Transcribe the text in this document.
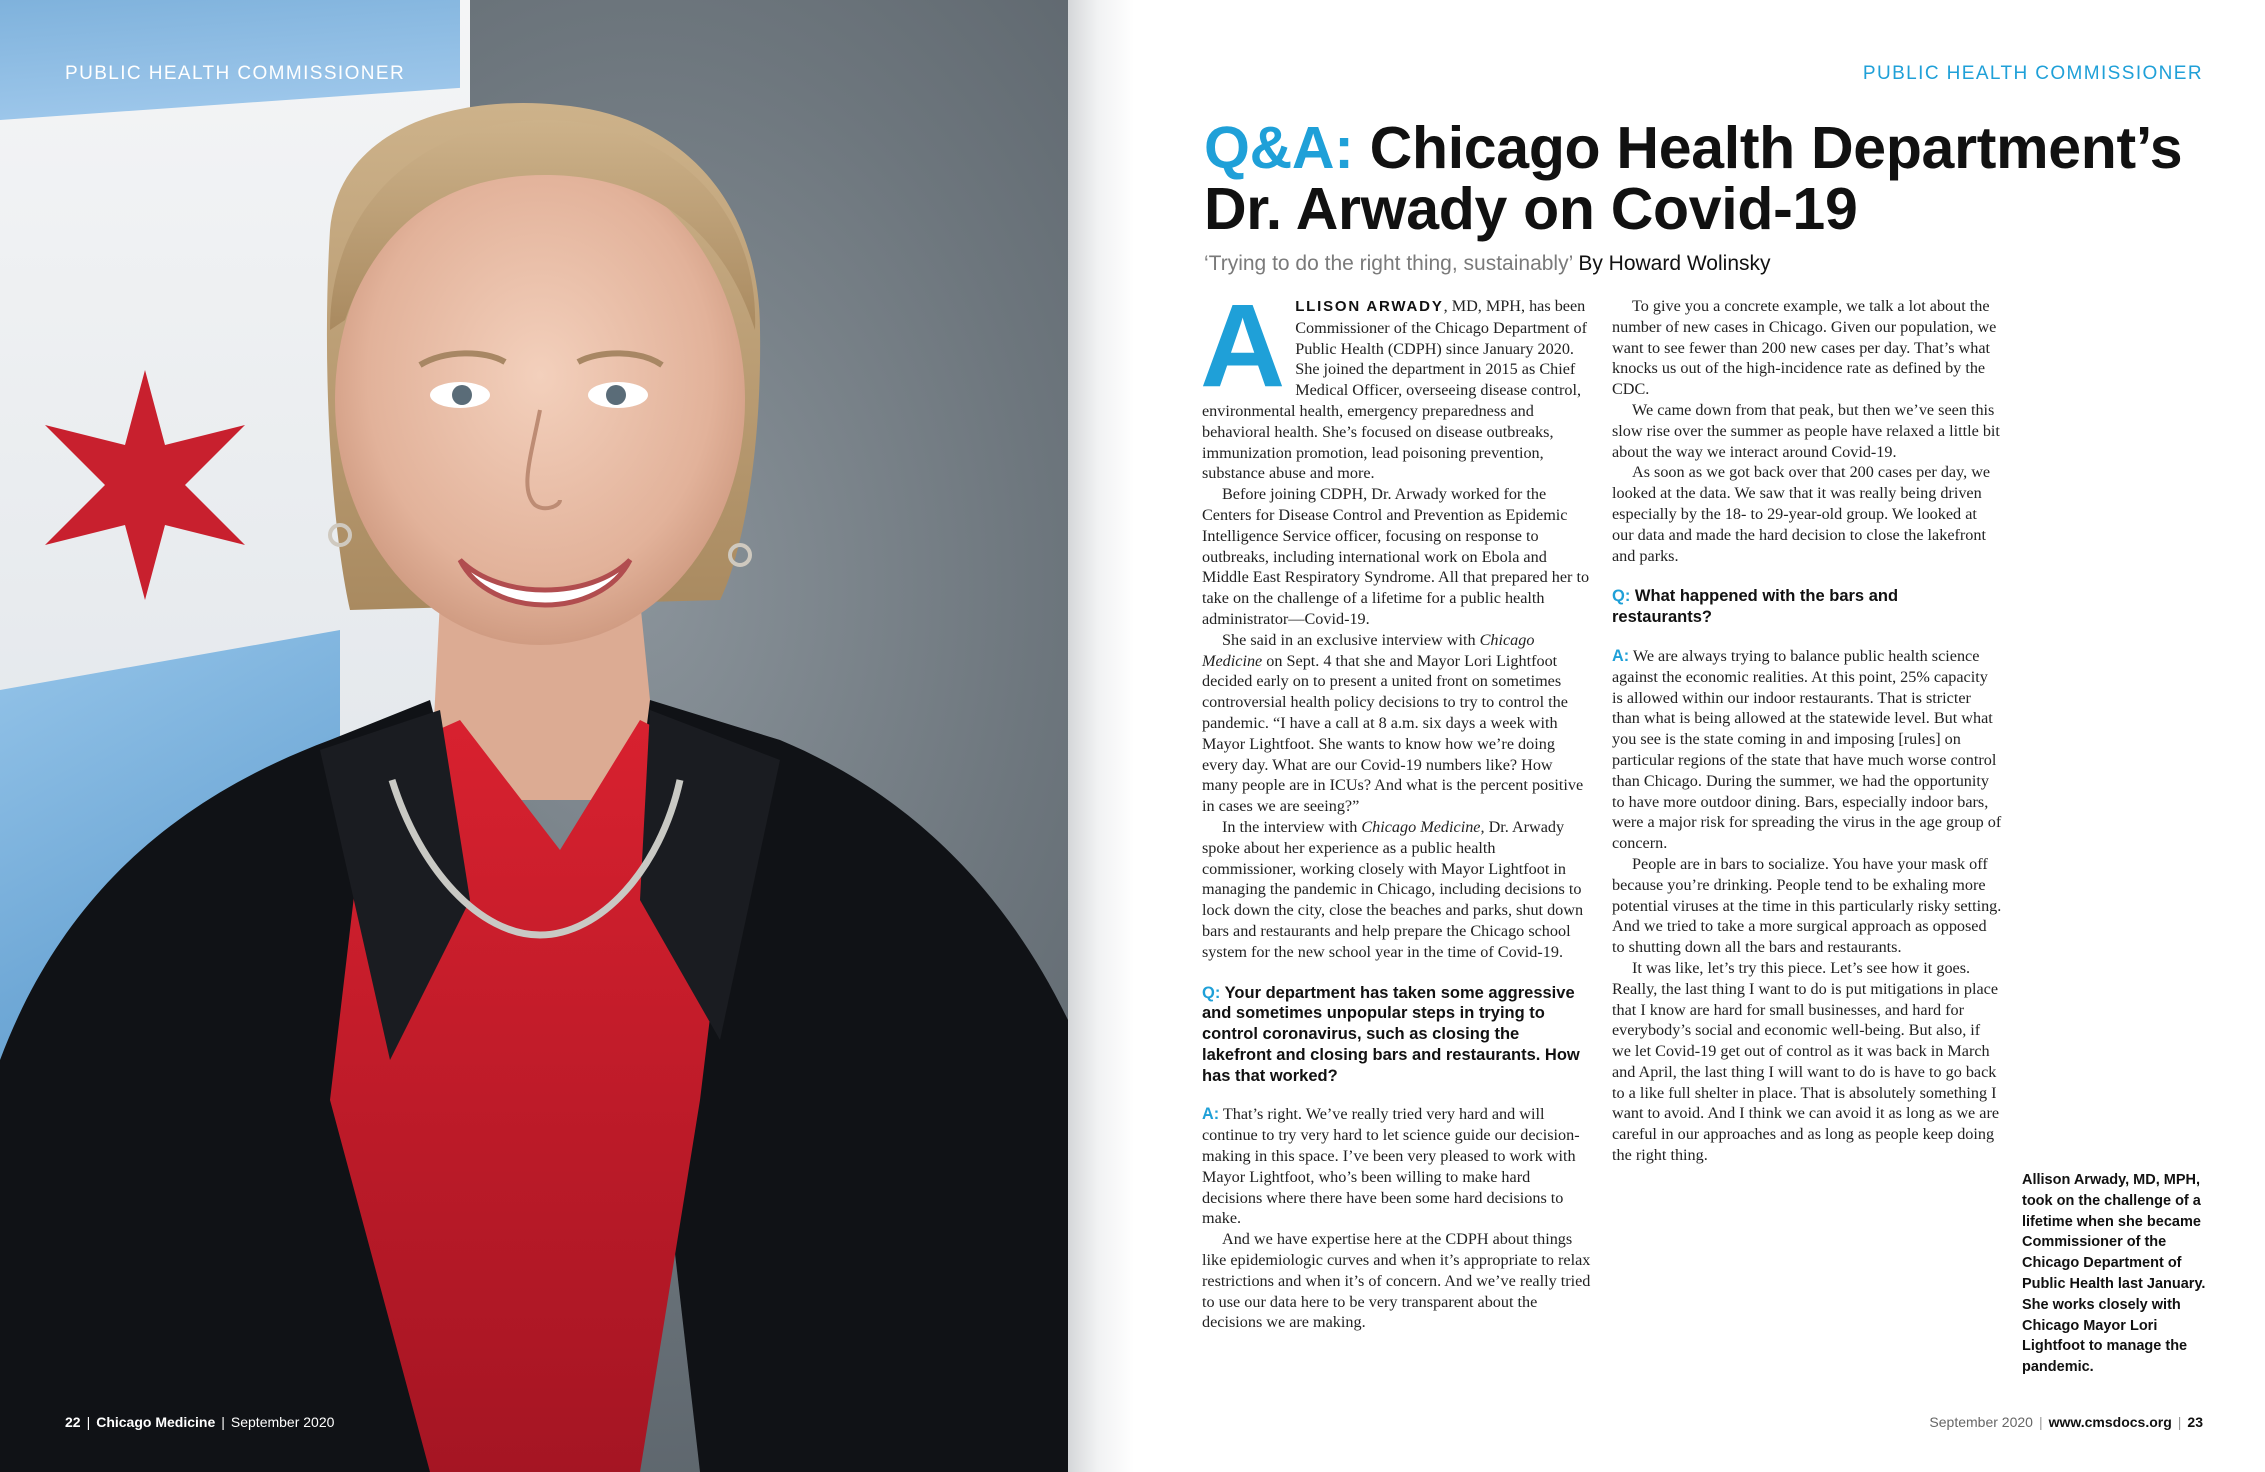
PUBLIC HEALTH COMMISSIONER
22 | Chicago Medicine | September 2020
PUBLIC HEALTH COMMISSIONER
Q&A: Chicago Health Department’s
Dr. Arwady on Covid-19
‘Trying to do the right thing, sustainably’ By Howard Wolinsky

ALLISON ARWADY, MD, MPH, has been Commissioner of the Chicago Department of Public Health (CDPH) since January 2020. She joined the department in 2015 as Chief Medical Officer, overseeing disease control, environmental health, emergency preparedness and behavioral health. She’s focused on disease outbreaks, immunization promotion, lead poisoning prevention, substance abuse and more.

Before joining CDPH, Dr. Arwady worked for the Centers for Disease Control and Prevention as Epidemic Intelligence Service officer, focusing on response to outbreaks, including international work on Ebola and Middle East Respiratory Syndrome. All that prepared her to take on the challenge of a lifetime for a public health administrator—Covid-19.

She said in an exclusive interview with Chicago Medicine on Sept. 4 that she and Mayor Lori Lightfoot decided early on to present a united front on sometimes controversial health policy decisions to try to control the pandemic. “I have a call at 8 a.m. six days a week with Mayor Lightfoot. She wants to know how we’re doing every day. What are our Covid-19 numbers like? How many people are in ICUs? And what is the percent positive in cases we are seeing?”

In the interview with Chicago Medicine, Dr. Arwady spoke about her experience as a public health commissioner, working closely with Mayor Lightfoot in managing the pandemic in Chicago, including decisions to lock down the city, close the beaches and parks, shut down bars and restaurants and help prepare the Chicago school system for the new school year in the time of Covid-19.

Q: Your department has taken some aggressive and sometimes unpopular steps in trying to control coronavirus, such as closing the lakefront and closing bars and restaurants. How has that worked?

A: That’s right. We’ve really tried very hard and will continue to try very hard to let science guide our decision-making in this space. I’ve been very pleased to work with Mayor Lightfoot, who’s been willing to make hard decisions where there have been some hard decisions to make.

And we have expertise here at the CDPH about things like epidemiologic curves and when it’s appropriate to relax restrictions and when it’s of concern. And we’ve really tried to use our data here to be very transparent about the decisions we are making.

To give you a concrete example, we talk a lot about the number of new cases in Chicago. Given our population, we want to see fewer than 200 new cases per day. That’s what knocks us out of the high-incidence rate as defined by the CDC.

We came down from that peak, but then we’ve seen this slow rise over the summer as people have relaxed a little bit about the way we interact around Covid-19.

As soon as we got back over that 200 cases per day, we looked at the data. We saw that it was really being driven especially by the 18- to 29-year-old group. We looked at our data and made the hard decision to close the lakefront and parks.

Q: What happened with the bars and restaurants?

A: We are always trying to balance public health science against the economic realities. At this point, 25% capacity is allowed within our indoor restaurants. That is stricter than what is being allowed at the statewide level. But what you see is the state coming in and imposing [rules] on particular regions of the state that have much worse control than Chicago. During the summer, we had the opportunity to have more outdoor dining. Bars, especially indoor bars, were a major risk for spreading the virus in the age group of concern.

People are in bars to socialize. You have your mask off because you’re drinking. People tend to be exhaling more potential viruses at the time in this particularly risky setting. And we tried to take a more surgical approach as opposed to shutting down all the bars and restaurants.

It was like, let’s try this piece. Let’s see how it goes. Really, the last thing I want to do is put mitigations in place that I know are hard for small businesses, and hard for everybody’s social and economic well-being. But also, if we let Covid-19 get out of control as it was back in March and April, the last thing I will want to do is have to go back to a like full shelter in place. That is absolutely something I want to avoid. And I think we can avoid it as long as we are careful in our approaches and as long as people keep doing the right thing.

Allison Arwady, MD, MPH, took on the challenge of a lifetime when she became Commissioner of the Chicago Department of Public Health last January. She works closely with Chicago Mayor Lori Lightfoot to manage the pandemic.
September 2020 | www.cmsdocs.org | 23
